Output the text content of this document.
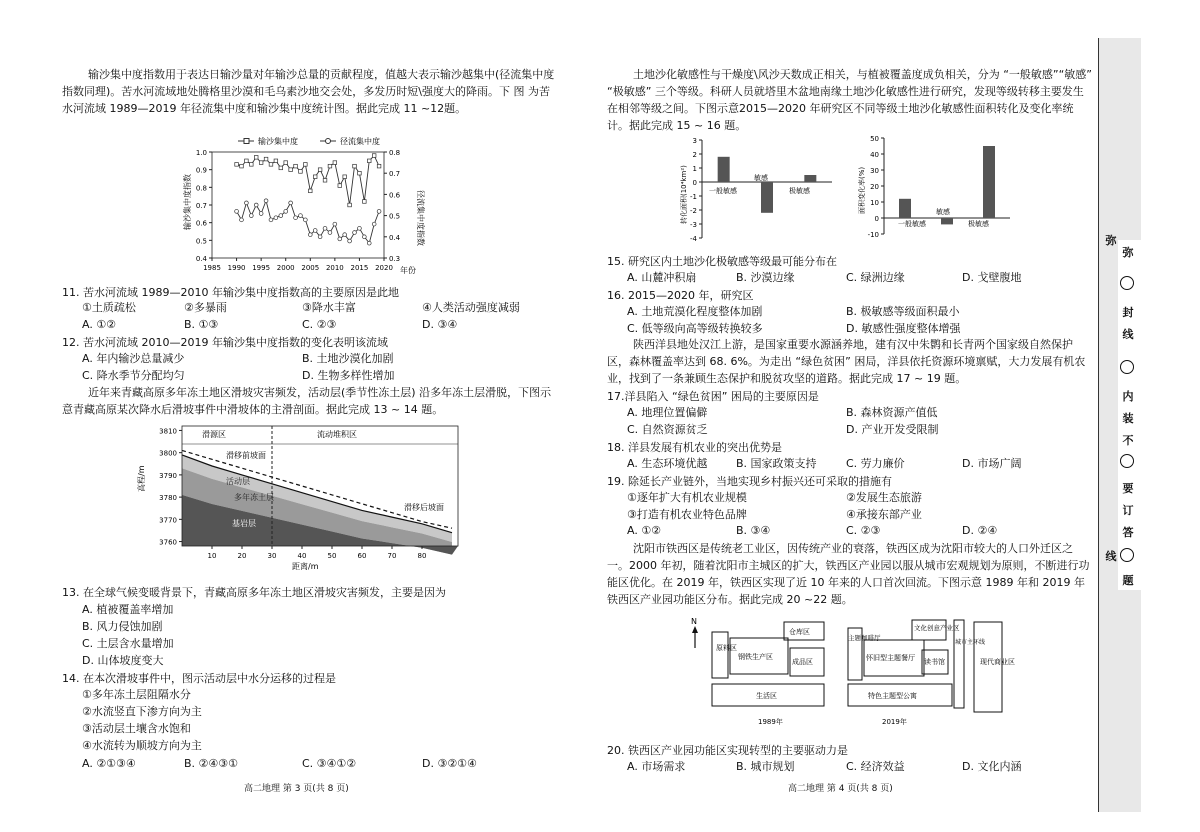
输沙集中度指数用于表达日输沙量对年输沙总量的贡献程度，值越大表示输沙越集中(径流集中度指数同理)。苦水河流域地处腾格里沙漠和毛乌素沙地交会处，多发历时短\强度大的降雨。下 图 为苦水河流域 1989—2019 年径流集中度和输沙集中度统计图。据此完成 11 ~12题。
输沙集中度	径流集中度
0.4
0.5
0.6
0.7
0.8
0.9
1.0
0.3
0.4
0.5
0.6
0.7
0.8
1985 1990 1995 2000 2005 2010 2015 2020
输沙集中度指数	径流集中度指数
年份
11. 苦水河流域 1989—2010 年输沙集中度指数高的主要原因是此地
①土质疏松	②多暴雨	③降水丰富	④人类活动强度减弱
A. ①②	B. ①③	C. ②③	D. ③④
12. 苦水河流域 2010—2019 年输沙集中度指数的变化表明该流域
A. 年内输沙总量减少	B. 土地沙漠化加剧
C. 降水季节分配均匀	D. 生物多样性增加
近年来青藏高原多年冻土地区滑坡灾害频发，活动层(季节性冻土层) 沿多年冻土层滑脱，下图示意青藏高原某次降水后滑坡事件中滑坡体的主滑剖面。据此完成 13 ~ 14 题。
3760
3770
3780
3790
3800
3810
10	20	30	40	50	60	70	80
滑源区	流动堆积区
滑移前坡面
滑移后坡面
活动层
多年冻土层
基岩层
高程/m
距离/m
13. 在全球气候变暖背景下，青藏高原多年冻土地区滑坡灾害频发，主要是因为
A. 植被覆盖率增加
B. 风力侵蚀加剧
C. 土层含水量增加
D. 山体坡度变大
14. 在本次滑坡事件中，图示活动层中水分运移的过程是
①多年冻土层阻隔水分
②水流竖直下渗方向为主
③活动层土壤含水饱和
④水流转为顺坡方向为主
A. ②①③④	B. ②④③①	C. ③④①②	D. ③②①④
高二地理 第 3 页(共 8 页)
土地沙化敏感性与干燥度\风沙天数成正相关，与植被覆盖度成负相关，分为 “一般敏感”“敏感” “极敏感” 三个等级。科研人员就塔里木盆地南缘土地沙化敏感性进行研究，发现等级转移主要发生在相邻等级之间。下图示意2015—2020 年研究区不同等级土地沙化敏感性面积转化及变化率统计。据此完成 15 ~ 16 题。
-4
-3
-2
-1
0
1
2
3
转化面积(10⁴km²)	一般敏感
敏感
极敏感
-10
0
10
20
30
40
50
面积变化率(%)
一般敏感
敏感
极敏感
15. 研究区内土地沙化极敏感等级最可能分布在
A. 山麓冲积扇	B. 沙漠边缘	C. 绿洲边缘	D. 戈壁腹地
16. 2015—2020 年，研究区
A. 土地荒漠化程度整体加剧	B. 极敏感等级面积最小
C. 低等级向高等级转换较多	D. 敏感性强度整体增强
陕西洋县地处汉江上游，是国家重要水源涵养地，建有汉中朱鹮和长青两个国家级自然保护区，森林覆盖率达到 68. 6%。为走出 “绿色贫困” 困局，洋县依托资源环境禀赋，大力发展有机农业，找到了一条兼顾生态保护和脱贫攻坚的道路。据此完成 17 ~ 19 题。
17.洋县陷入 “绿色贫困” 困局的主要原因是
A. 地理位置偏僻	B. 森林资源产值低
C. 自然资源贫乏	D. 产业开发受限制
18. 洋县发展有机农业的突出优势是
A. 生态环境优越	B. 国家政策支持	C. 劳力廉价	D. 市场广阔
19. 除延长产业链外，当地实现乡村振兴还可采取的措施有
①逐年扩大有机农业规模	②发展生态旅游
③打造有机农业特色品牌	④承接东部产业
A. ①②	B. ③④	C. ②③	D. ②④
沈阳市铁西区是传统老工业区，因传统产业的衰落，铁西区成为沈阳市较大的人口外迁区之一。2000 年初，随着沈阳市主城区的扩大，铁西区产业园以服从城市宏观规划为原则，不断进行功能区优化。在 2019 年，铁西区实现了近 10 年来的人口首次回流。下图示意 1989 年和 2019 年铁西区产业园功能区分布。据此完成 20 ~22 题。
N
原料区
钢铁生产区
仓库区
成品区
生活区
1989年
主题咖啡厅
怀旧型主题餐厅
文化创意产业区
读书馆
城市主环线
现代商业区
特色主题型公寓
2019年
20. 铁西区产业园功能区实现转型的主要驱动力是
A. 市场需求	B. 城市规划	C. 经济效益	D. 文化内涵
高二地理 第 4 页(共 8 页)
弥
封
线
内
装
不
要
订
答
题
弥
线
